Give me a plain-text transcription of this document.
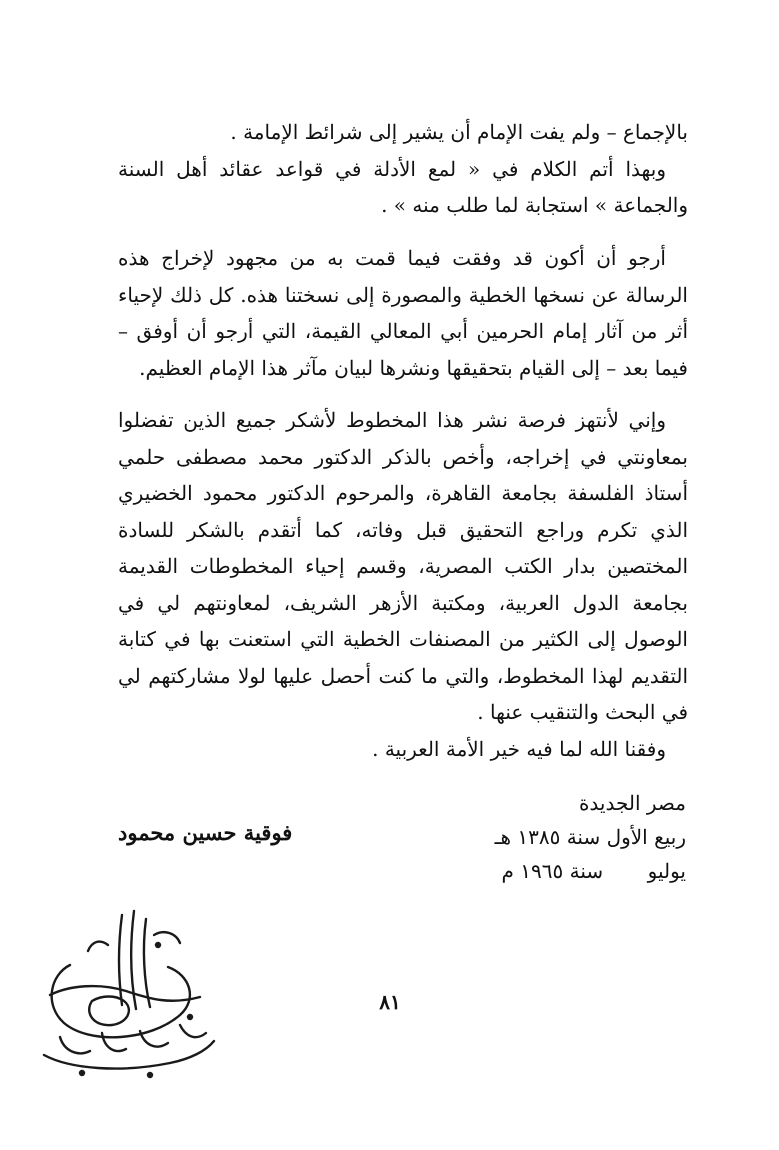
بالإجماع – ولم يفت الإمام أن يشير إلى شرائط الإمامة .

وبهذا أتم الكلام في « لمع الأدلة في قواعد عقائد أهل السنة والجماعة » استجابة لما طلب منه » .

أرجو أن أكون قد وفقت فيما قمت به من مجهود لإخراج هذه الرسالة عن نسخها الخطية والمصورة إلى نسختنا هذه. كل ذلك لإحياء أثر من آثار إمام الحرمين أبي المعالي القيمة، التي أرجو أن أوفق – فيما بعد – إلى القيام بتحقيقها ونشرها لبيان مآثر هذا الإمام العظيم.

وإني لأنتهز فرصة نشر هذا المخطوط لأشكر جميع الذين تفضلوا بمعاونتي في إخراجه، وأخص بالذكر الدكتور محمد مصطفى حلمي أستاذ الفلسفة بجامعة القاهرة، والمرحوم الدكتور محمود الخضيري الذي تكرم وراجع التحقيق قبل وفاته، كما أتقدم بالشكر للسادة المختصين بدار الكتب المصرية، وقسم إحياء المخطوطات القديمة بجامعة الدول العربية، ومكتبة الأزهر الشريف، لمعاونتهم لي في الوصول إلى الكثير من المصنفات الخطية التي استعنت بها في كتابة التقديم لهذا المخطوط، والتي ما كنت أحصل عليها لولا مشاركتهم لي في البحث والتنقيب عنها .

وفقنا الله لما فيه خير الأمة العربية .

مصر الجديدة
ربيع الأول سنة ١٣٨٥ هـ
يوليو       سنة ١٩٦٥ م
فوقية حسين محمود
٨١
